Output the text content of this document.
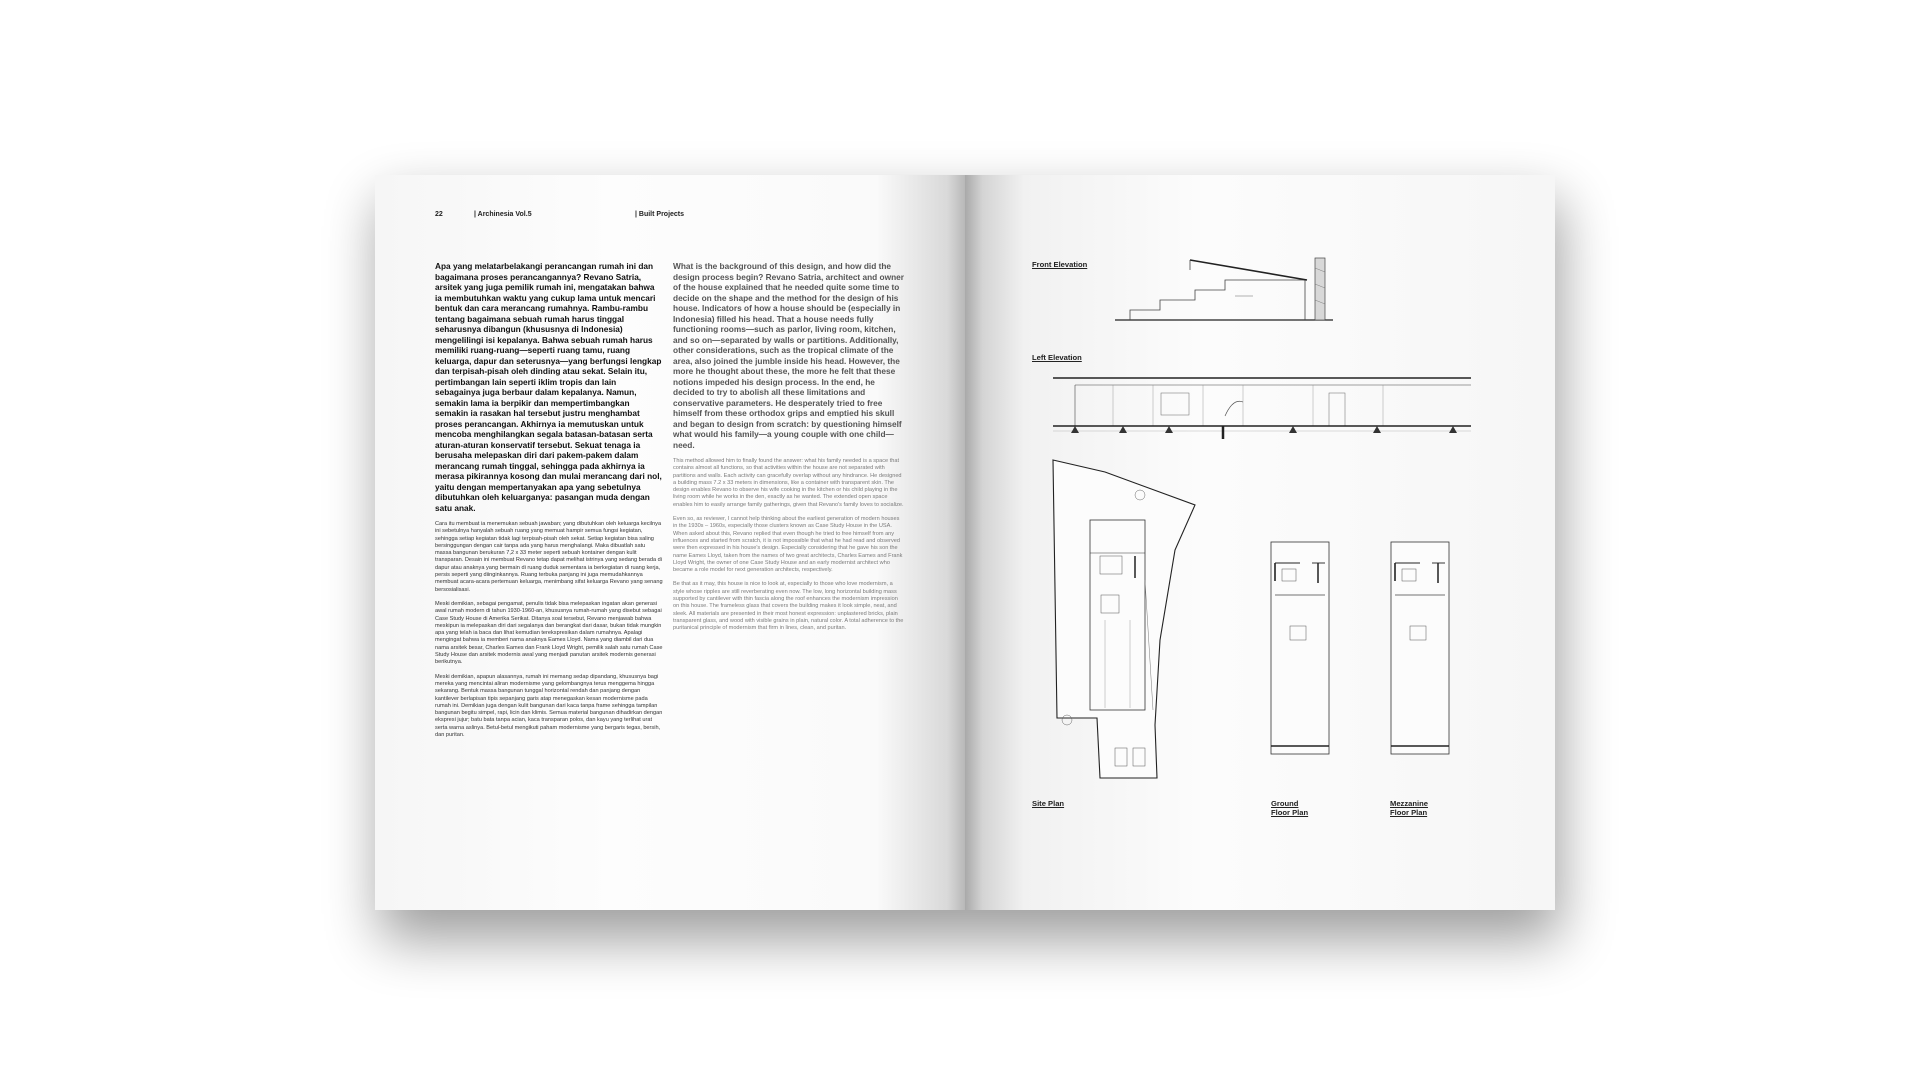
22	| Archinesia Vol.5	| Built Projects

Apa yang melatarbelakangi perancangan rumah ini dan bagaimana proses perancangannya? Revano Satria, arsitek yang juga pemilik rumah ini, mengatakan bahwa ia membutuhkan waktu yang cukup lama untuk mencari bentuk dan cara merancang rumahnya. Rambu-rambu tentang bagaimana sebuah rumah harus tinggal seharusnya dibangun (khususnya di Indonesia) mengelilingi isi kepalanya. Bahwa sebuah rumah harus memiliki ruang-ruang—seperti ruang tamu, ruang keluarga, dapur dan seterusnya—yang berfungsi lengkap dan terpisah-pisah oleh dinding atau sekat. Selain itu, pertimbangan lain seperti iklim tropis dan lain sebagainya juga berbaur dalam kepalanya. Namun, semakin lama ia berpikir dan mempertimbangkan semakin ia rasakan hal tersebut justru menghambat proses perancangan. Akhirnya ia memutuskan untuk mencoba menghilangkan segala batasan-batasan serta aturan-aturan konservatif tersebut. Sekuat tenaga ia berusaha melepaskan diri dari pakem-pakem dalam merancang rumah tinggal, sehingga pada akhirnya ia merasa pikirannya kosong dan mulai merancang dari nol, yaitu dengan mempertanyakan apa yang sebetulnya dibutuhkan oleh keluarganya: pasangan muda dengan satu anak.

Cara itu membuat ia menemukan sebuah jawaban; yang dibutuhkan oleh keluarga kecilnya ini sebetulnya hanyalah sebuah ruang yang memuat hampir semua fungsi kegiatan, sehingga setiap kegiatan tidak lagi terpisah-pisah oleh sekat. Setiap kegiatan bisa saling bersinggungan dengan cair tanpa ada yang harus menghalangi. Maka dibuatlah satu massa bangunan berukuran 7,2 x 33 meter seperti sebuah kontainer dengan kulit transparan. Desain ini membuat Revano tetap dapat melihat istrinya yang sedang berada di dapur atau anaknya yang bermain di ruang duduk sementara ia berkegiatan di ruang kerja, persis seperti yang diinginkannya. Ruang terbuka panjang ini juga memudahkannya membuat acara-acara pertemuan keluarga, menimbang sifat keluarga Revano yang senang bersosialisasi.

Meski demikian, sebagai pengamat, penulis tidak bisa melepaskan ingatan akan generasi awal rumah modern di tahun 1930-1960-an, khususnya rumah-rumah yang disebut sebagai Case Study House di Amerika Serikat. Ditanya soal tersebut, Revano menjawab bahwa meskipun ia melepaskan diri dari segalanya dan berangkat dari dasar, bukan tidak mungkin apa yang telah ia baca dan lihat kemudian terekspresikan dalam rumahnya. Apalagi mengingat bahwa ia memberi nama anaknya Eames Lloyd. Nama yang diambil dari dua nama arsitek besar, Charles Eames dan Frank Lloyd Wright, pemilik salah satu rumah Case Study House dan arsitek modernis awal yang menjadi panutan arsitek modernis generasi berikutnya.

Meski demikian, apapun alasannya, rumah ini memang sedap dipandang, khususnya bagi mereka yang mencintai aliran modernisme yang gelombangnya terus menggema hingga sekarang. Bentuk massa bangunan tunggal horizontal rendah dan panjang dengan kantilever berlapisan tipis sepanjang garis atap menegaskan kesan modernisme pada rumah ini. Demikian juga dengan kulit bangunan dari kaca tanpa frame sehingga tampilan bangunan begitu simpel, rapi, licin dan klimis. Semua material bangunan dihadirkan dengan ekspresi jujur; batu bata tanpa acian, kaca transparan polos, dan kayu yang terlihat urat serta warna aslinya. Betul-betul mengikuti paham modernisme yang bergaris tegas, bersih, dan puritan.

What is the background of this design, and how did the design process begin? Revano Satria, architect and owner of the house explained that he needed quite some time to decide on the shape and the method for the design of his house. Indicators of how a house should be (especially in Indonesia) filled his head. That a house needs fully functioning rooms—such as parlor, living room, kitchen, and so on—separated by walls or partitions. Additionally, other considerations, such as the tropical climate of the area, also joined the jumble inside his head. However, the more he thought about these, the more he felt that these notions impeded his design process. In the end, he decided to try to abolish all these limitations and conservative parameters. He desperately tried to free himself from these orthodox grips and emptied his skull and began to design from scratch: by questioning himself what would his family—a young couple with one child—need.

This method allowed him to finally found the answer: what his family needed is a space that contains almost all functions, so that activities within the house are not separated with partitions and walls. Each activity can gracefully overlap without any hindrance. He designed a building mass 7.2 x 33 meters in dimensions, like a container with transparent skin. The design enables Revano to observe his wife cooking in the kitchen or his child playing in the living room while he works in the den, exactly as he wanted. The extended open space enables him to easily arrange family gatherings, given that Revano's family loves to socialize.

Even so, as reviewer, I cannot help thinking about the earliest generation of modern houses in the 1930s – 1960s, especially those clusters known as Case Study House in the USA. When asked about this, Revano replied that even though he tried to free himself from any influences and started from scratch, it is not impossible that what he had read and observed were then expressed in his house's design. Especially considering that he gave his son the name Eames Lloyd, taken from the names of two great architects, Charles Eames and Frank Lloyd Wright, the owner of one Case Study House and an early modernist architect who became a role model for next generation architects, respectively.

Be that as it may, this house is nice to look at, especially to those who love modernism, a style whose ripples are still reverberating even now. The low, long horizontal building mass supported by cantilever with thin fascia along the roof enhances the modernism impression on this house. The frameless glass that covers the building makes it look simple, neat, and sleek. All materials are presented in their most honest expression: unplastered bricks, plain transparent glass, and wood with visible grains in plain, natural color. A total adherence to the puritanical principle of modernism that firm in lines, clean, and puritan.

Front Elevation
Left Elevation
Site Plan	Ground
Floor Plan
Mezzanine
Floor Plan
